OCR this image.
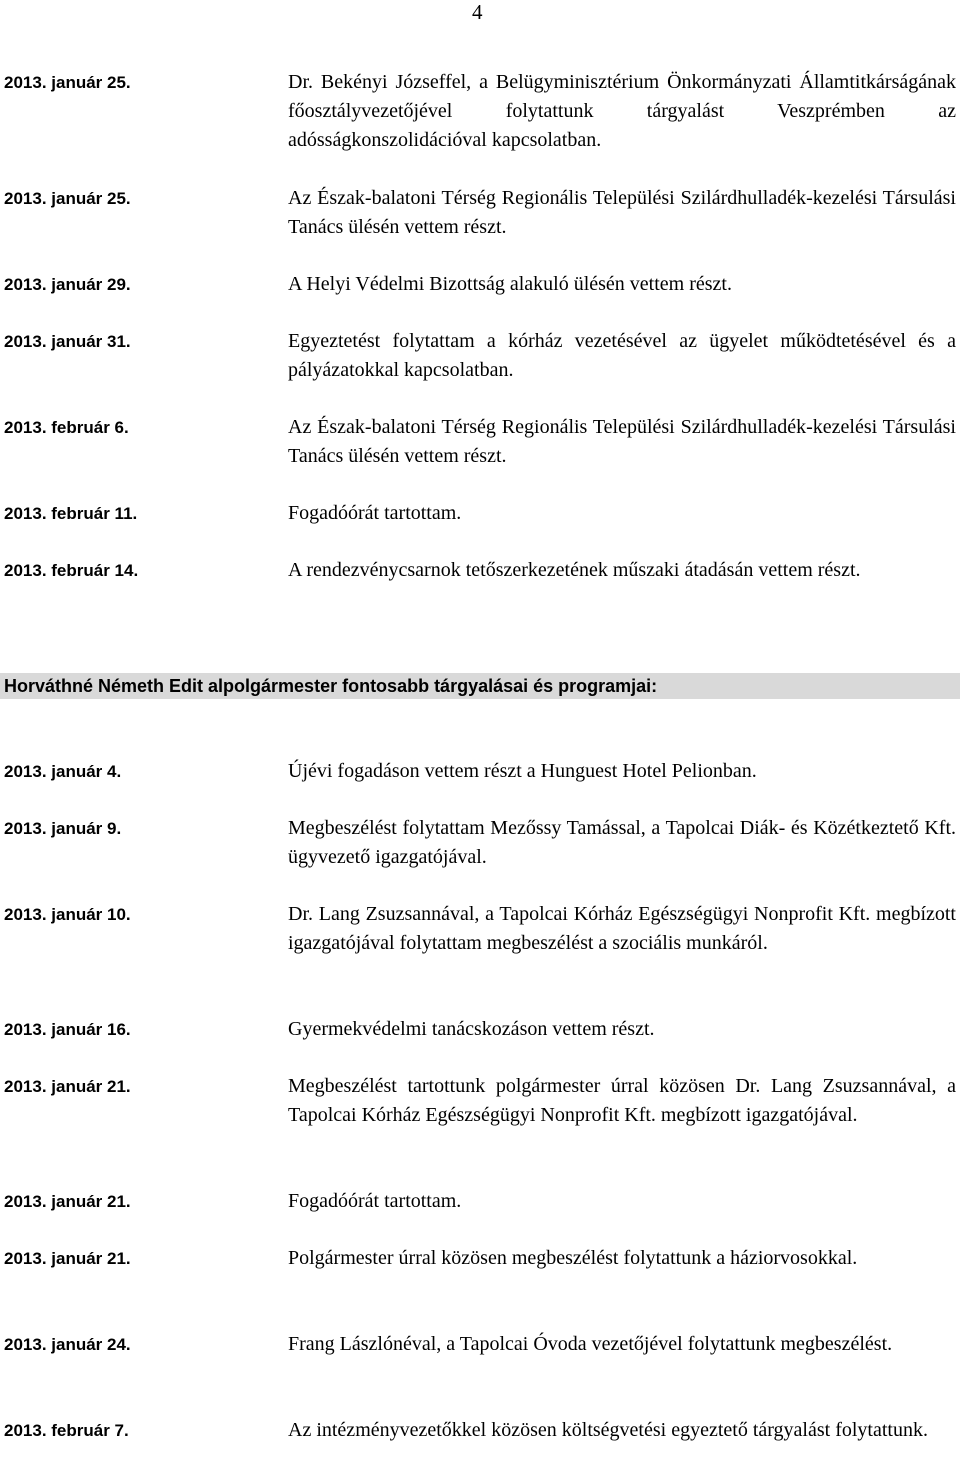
4
2013. január 25.	Dr. Bekényi Józseffel, a Belügyminisztérium Önkormányzati Államtitkárságának főosztályvezetőjével folytattunk tárgyalást Veszprémben az adósságkonszolidációval kapcsolatban.
2013. január 25.	Az Észak-balatoni Térség Regionális Települési Szilárdhulladék-kezelési Társulási Tanács ülésén vettem részt.
2013. január 29.	A Helyi Védelmi Bizottság alakuló ülésén vettem részt.
2013. január 31.	Egyeztetést folytattam a kórház vezetésével az ügyelet működtetésével és a pályázatokkal kapcsolatban.
2013. február 6.	Az Észak-balatoni Térség Regionális Települési Szilárdhulladék-kezelési Társulási Tanács ülésén vettem részt.
2013. február 11.	Fogadóórát tartottam.
2013. február 14.	A rendezvénycsarnok tetőszerkezetének műszaki átadásán vettem részt.
Horváthné Németh Edit alpolgármester fontosabb tárgyalásai és programjai:
2013. január 4.	Újévi fogadáson vettem részt a Hunguest Hotel Pelionban.
2013. január 9.	Megbeszélést folytattam Mezőssy Tamással, a Tapolcai Diák- és Közétkeztető Kft. ügyvezető igazgatójával.
2013. január 10.	Dr. Lang Zsuzsannával, a Tapolcai Kórház Egészségügyi Nonprofit Kft. megbízott igazgatójával folytattam megbeszélést a szociális munkáról.
2013. január 16.	Gyermekvédelmi tanácskozáson vettem részt.
2013. január 21.	Megbeszélést tartottunk polgármester úrral közösen Dr. Lang Zsuzsannával, a Tapolcai Kórház Egészségügyi Nonprofit Kft. megbízott igazgatójával.
2013. január 21.	Fogadóórát tartottam.
2013. január 21.	Polgármester úrral közösen megbeszélést folytattunk a háziorvosokkal.
2013. január 24.	Frang Lászlónéval, a Tapolcai Óvoda vezetőjével folytattunk megbeszélést.
2013. február 7.	Az intézményvezetőkkel közösen költségvetési egyeztető tárgyalást folytattunk.
